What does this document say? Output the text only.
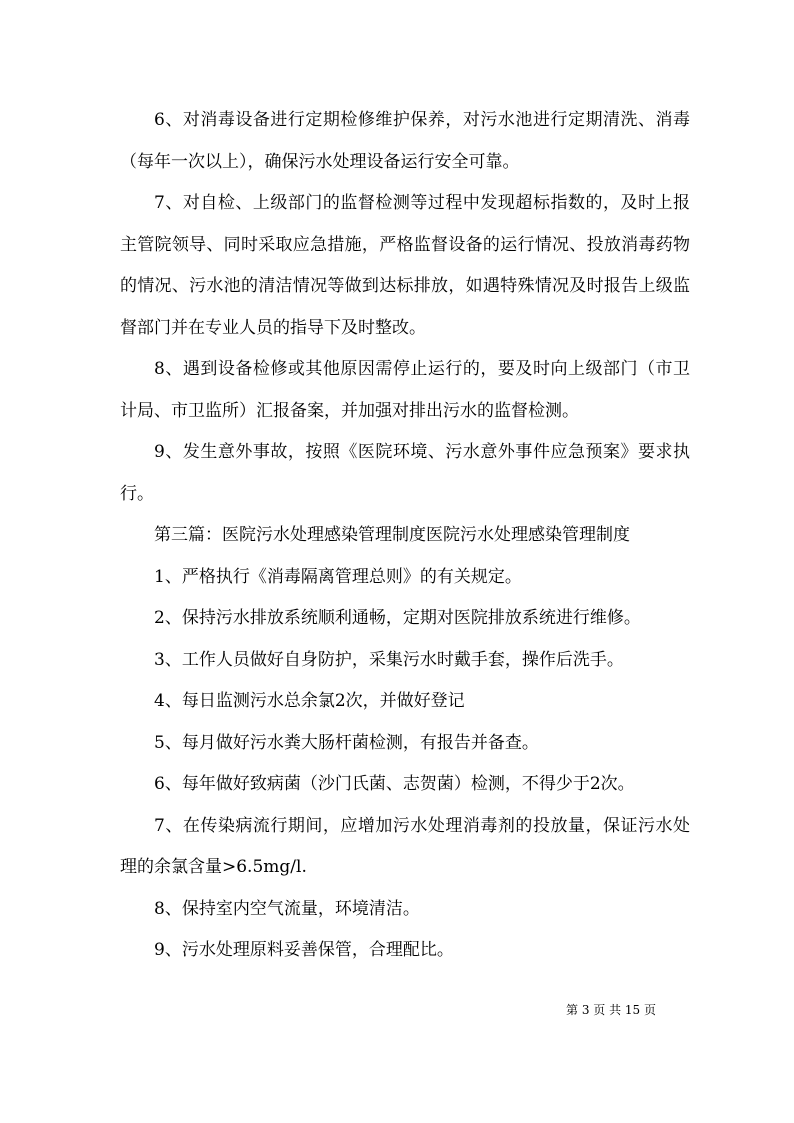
6、对消毒设备进行定期检修维护保养，对污水池进行定期清洗、消毒（每年一次以上），确保污水处理设备运行安全可靠。

7、对自检、上级部门的监督检测等过程中发现超标指数的，及时上报主管院领导、同时采取应急措施，严格监督设备的运行情况、投放消毒药物的情况、污水池的清洁情况等做到达标排放，如遇特殊情况及时报告上级监督部门并在专业人员的指导下及时整改。

8、遇到设备检修或其他原因需停止运行的，要及时向上级部门（市卫计局、市卫监所）汇报备案，并加强对排出污水的监督检测。

9、发生意外事故，按照《医院环境、污水意外事件应急预案》要求执行。

第三篇：医院污水处理感染管理制度医院污水处理感染管理制度

1、严格执行《消毒隔离管理总则》的有关规定。

2、保持污水排放系统顺利通畅，定期对医院排放系统进行维修。

3、工作人员做好自身防护，采集污水时戴手套，操作后洗手。

4、每日监测污水总余氯2次，并做好登记

5、每月做好污水粪大肠杆菌检测，有报告并备查。

6、每年做好致病菌（沙门氏菌、志贺菌）检测，不得少于2次。

7、在传染病流行期间，应增加污水处理消毒剂的投放量，保证污水处理的余氯含量>6.5mg/l.

8、保持室内空气流量，环境清洁。

9、污水处理原料妥善保管，合理配比。

第 3 页 共 15 页
